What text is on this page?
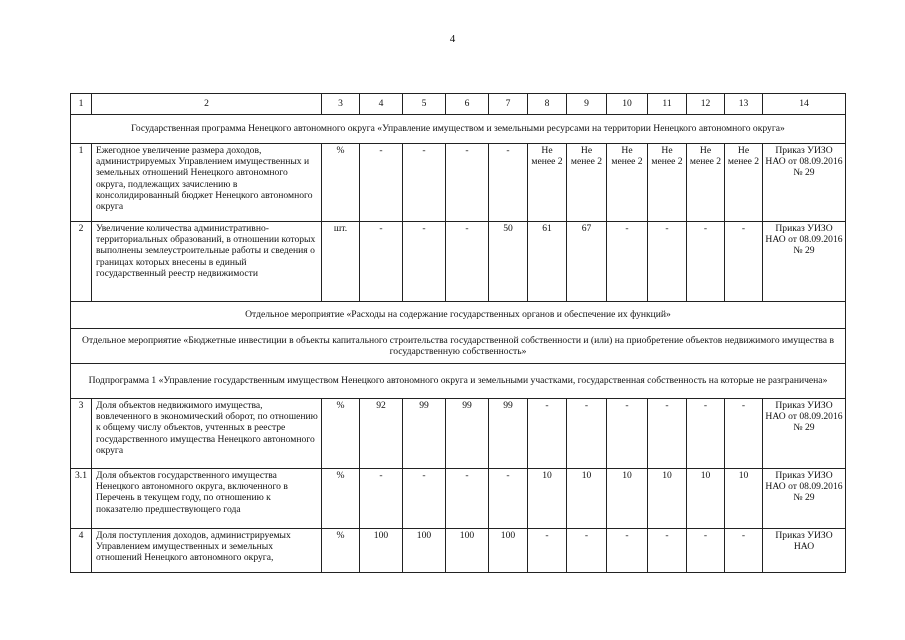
4
1	2	3	4	5	6	7	8	9	10	11	12	13	14
Государственная программа Ненецкого автономного округа «Управление имуществом и земельными ресурсами на территории Ненецкого автономного округа»													
1	Ежегодное увеличение размера доходов, администрируемых Управлением имущественных и земельных отношений Ненецкого автономного округа, подлежащих зачислению в консолидированный бюджет Ненецкого автономного округа	%	-	-	-	-	Не менее 2	Не менее 2	Не менее 2	Не менее 2	Не менее 2	Не менее 2	Приказ УИЗО НАО от 08.09.2016 № 29
2	Увеличение количества административно-территориальных образований, в отношении которых выполнены землеустроительные работы и сведения о границах которых внесены в единый государственный реестр недвижимости	шт.	-	-	-	50	61	67	-	-	-	-	Приказ УИЗО НАО от 08.09.2016 № 29
Отдельное мероприятие «Расходы на содержание государственных органов и обеспечение их функций»													
Отдельное мероприятие «Бюджетные инвестиции в объекты капитального строительства государственной собственности и (или) на приобретение объектов недвижимого имущества в государственную собственность»													
Подпрограмма 1 «Управление государственным имуществом Ненецкого автономного округа и земельными участками, государственная собственность на которые не разграничена»													
3	Доля объектов недвижимого имущества, вовлеченного в экономический оборот, по отношению к общему числу объектов, учтенных в реестре государственного имущества Ненецкого автономного округа	%	92	99	99	99	-	-	-	-	-	-	Приказ УИЗО НАО от 08.09.2016 № 29
3.1	Доля объектов государственного имущества Ненецкого автономного округа, включенного в Перечень в текущем году, по отношению к показателю предшествующего года	%	-	-	-	-	10	10	10	10	10	10	Приказ УИЗО НАО от 08.09.2016 № 29
4	Доля поступления доходов, администрируемых Управлением имущественных и земельных отношений Ненецкого автономного округа,	%	100	100	100	100	-	-	-	-	-	-	Приказ УИЗО НАО
